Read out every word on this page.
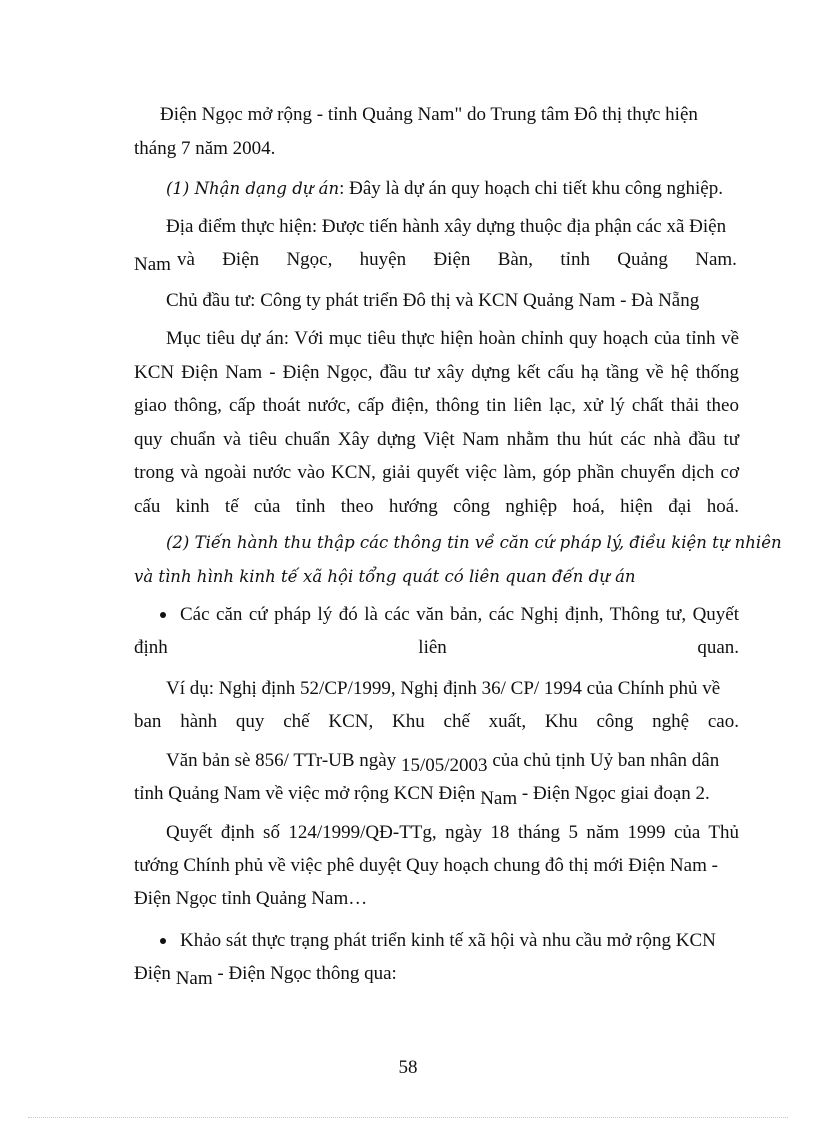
Điện Ngọc mở rộng - tỉnh Quảng Nam" do Trung tâm Đô thị thực hiện
tháng 7 năm 2004.
(1) Nhận dạng dự án: Đây là dự án quy hoạch chi tiết khu công nghiệp.
Địa điểm thực hiện: Được tiến hành xây dựng thuộc địa phận các xã Điện
Nam và Điện Ngọc, huyện Điện Bàn, tỉnh Quảng Nam.
Chủ đầu tư: Công ty phát triển Đô thị và KCN Quảng Nam - Đà Nẵng
Mục tiêu dự án: Với mục tiêu thực hiện hoàn chỉnh quy hoạch của tỉnh về
KCN Điện Nam - Điện Ngọc, đầu tư xây dựng kết cấu hạ tầng về hệ thống
giao thông, cấp thoát nước, cấp điện, thông tin liên lạc, xử lý chất thải theo
quy chuẩn và tiêu chuẩn Xây dựng Việt Nam nhằm thu hút các nhà đầu tư
trong và ngoài nước vào KCN, giải quyết việc làm, góp phần chuyển dịch cơ
cấu kinh tế của tỉnh theo hướng công nghiệp hoá, hiện đại hoá.
(2) Tiến hành thu thập các thông tin về căn cứ pháp lý, điều kiện tự nhiên
và tình hình kinh tế xã hội tổng quát có liên quan đến dự án
Các căn cứ pháp lý đó là các văn bản, các Nghị định, Thông tư, Quyết
định liên quan.
Ví dụ: Nghị định 52/CP/1999, Nghị định 36/ CP/ 1994 của Chính phủ về
ban hành quy chế KCN, Khu chế xuất, Khu công nghệ cao.
Văn bản sè 856/ TTr-UB ngày 15/05/2003 của chủ tịnh Uỷ ban nhân dân
tỉnh Quảng Nam về việc mở rộng KCN Điện Nam - Điện Ngọc giai đoạn 2.
Quyết định số 124/1999/QĐ-TTg, ngày 18 tháng 5 năm 1999 của Thủ
tướng Chính phủ về việc phê duyệt Quy hoạch chung đô thị mới Điện Nam -
Điện Ngọc tỉnh Quảng Nam…
Khảo sát thực trạng phát triển kinh tế xã hội và nhu cầu mở rộng KCN
Điện Nam - Điện Ngọc thông qua:
58
